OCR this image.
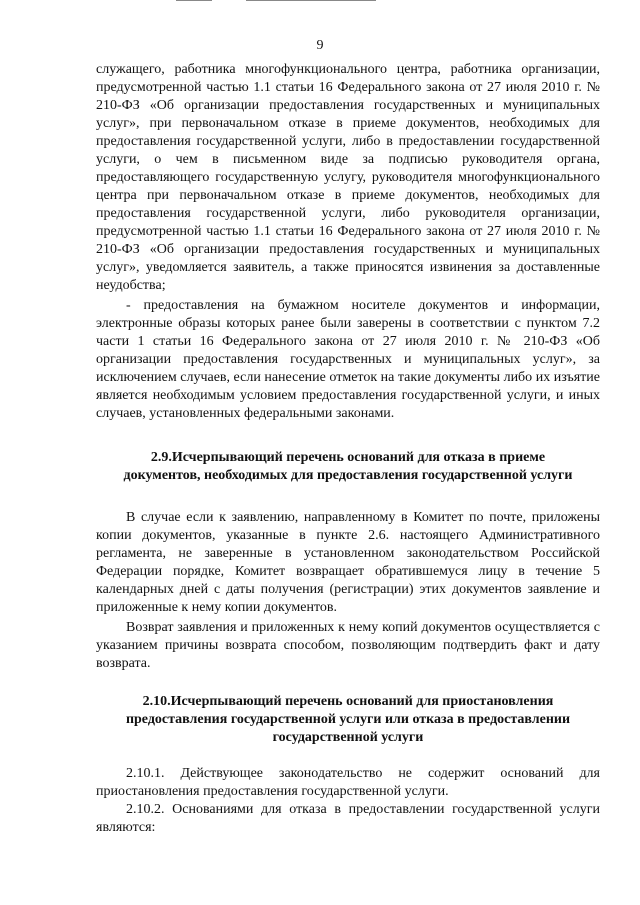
9

служащего, работника многофункционального центра, работника организации, предусмотренной частью 1.1 статьи 16 Федерального закона от 27 июля 2010 г. № 210-ФЗ «Об организации предоставления государственных и муниципальных услуг», при первоначальном отказе в приеме документов, необходимых для предоставления государственной услуги, либо в предоставлении государственной услуги, о чем в письменном виде за подписью руководителя органа, предоставляющего государственную услугу, руководителя многофункционального центра при первоначальном отказе в приеме документов, необходимых для предоставления государственной услуги, либо руководителя организации, предусмотренной частью 1.1 статьи 16 Федерального закона от 27 июля 2010 г. № 210-ФЗ «Об организации предоставления государственных и муниципальных услуг», уведомляется заявитель, а также приносятся извинения за доставленные неудобства;

- предоставления на бумажном носителе документов и информации, электронные образы которых ранее были заверены в соответствии с пунктом 7.2 части 1 статьи 16 Федерального закона от 27 июля 2010 г. № 210-ФЗ «Об организации предоставления государственных и муниципальных услуг», за исключением случаев, если нанесение отметок на такие документы либо их изъятие является необходимым условием предоставления государственной услуги, и иных случаев, установленных федеральными законами.

2.9.Исчерпывающий перечень оснований для отказа в приеме

документов, необходимых для предоставления государственной услуги

В случае если к заявлению, направленному в Комитет по почте, приложены копии документов, указанные в пункте 2.6. настоящего Административного регламента, не заверенные в установленном законодательством Российской Федерации порядке, Комитет возвращает обратившемуся лицу в течение 5 календарных дней с даты получения (регистрации) этих документов заявление и приложенные к нему копии документов.

Возврат заявления и приложенных к нему копий документов осуществляется с указанием причины возврата способом, позволяющим подтвердить факт и дату возврата.

2.10.Исчерпывающий перечень оснований для приостановления

предоставления государственной услуги или отказа в предоставлении

государственной услуги

2.10.1. Действующее законодательство не содержит оснований для приостановления предоставления государственной услуги.

2.10.2. Основаниями для отказа в предоставлении государственной услуги являются:
